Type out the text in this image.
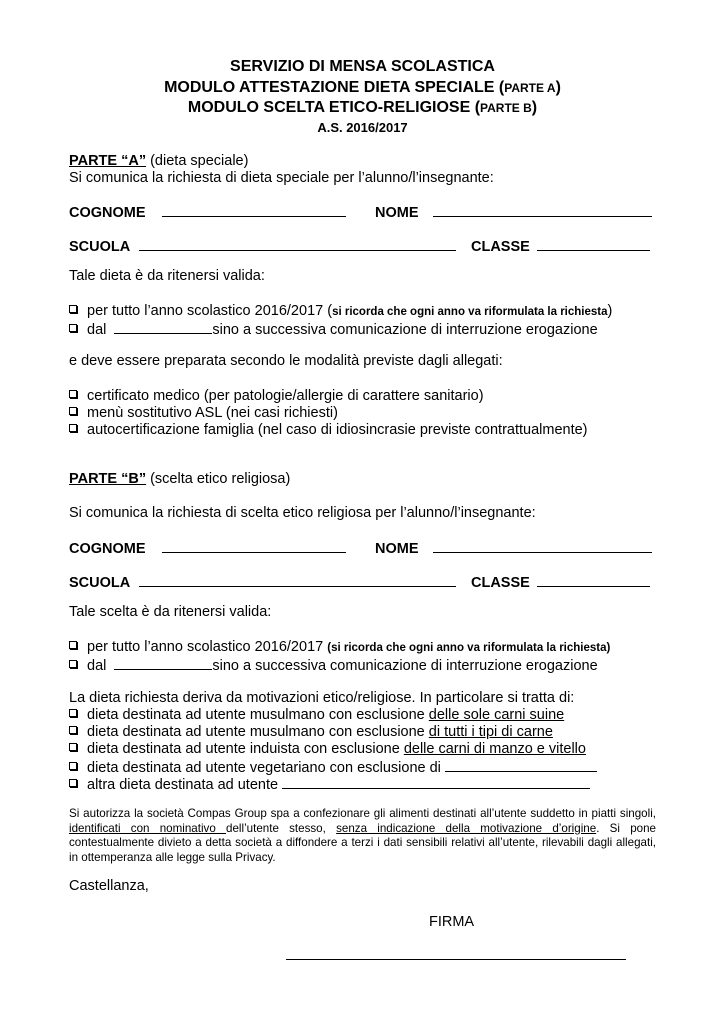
SERVIZIO DI MENSA SCOLASTICA
MODULO ATTESTAZIONE DIETA SPECIALE (PARTE A)
MODULO SCELTA ETICO-RELIGIOSE (PARTE B)
A.S. 2016/2017
PARTE “A” (dieta speciale)
Si comunica la richiesta di dieta speciale per l’alunno/l’insegnante:
COGNOME	NOME
SCUOLA	CLASSE
Tale dieta è da ritenersi valida:
per tutto l’anno scolastico 2016/2017 (si ricorda che ogni anno va riformulata la richiesta)
dal	sino a successiva comunicazione di interruzione erogazione
e deve essere preparata secondo le modalità previste dagli allegati:
certificato medico (per patologie/allergie di carattere sanitario)
menù sostitutivo ASL (nei casi richiesti)
autocertificazione famiglia (nel caso di idiosincrasie previste contrattualmente)
PARTE “B” (scelta etico religiosa)
Si comunica la richiesta di scelta etico religiosa per l’alunno/l’insegnante:
COGNOME	NOME
SCUOLA	CLASSE
Tale scelta è da ritenersi valida:
per tutto l’anno scolastico 2016/2017 (si ricorda che ogni anno va riformulata la richiesta)
dal	sino a successiva comunicazione di interruzione erogazione
La dieta richiesta deriva da motivazioni etico/religiose. In particolare si tratta di:
dieta destinata ad utente musulmano con esclusione delle sole carni suine
dieta destinata ad utente musulmano con esclusione di tutti i tipi di carne
dieta destinata ad utente induista con esclusione delle carni di manzo e vitello
dieta destinata ad utente vegetariano con esclusione di
altra dieta destinata ad utente
Si autorizza la società Compas Group spa a confezionare gli alimenti destinati all’utente suddetto in piatti singoli, identificati con nominativo dell’utente stesso, senza indicazione della motivazione d’origine. Si pone contestualmente divieto a detta società a diffondere a terzi i dati sensibili relativi all’utente, rilevabili dagli allegati, in ottemperanza alle legge sulla Privacy.
Castellanza,
FIRMA
